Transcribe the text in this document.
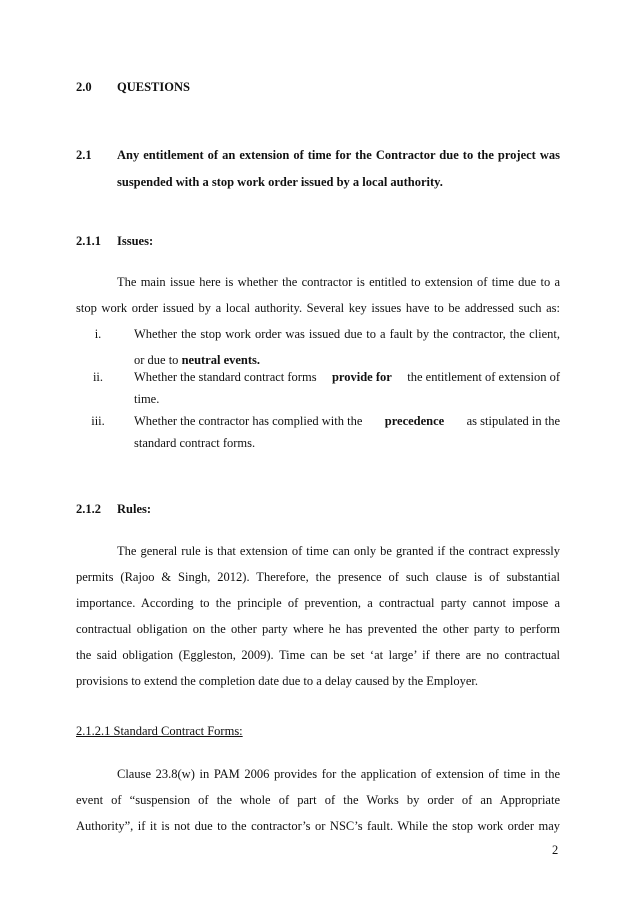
2.0 QUESTIONS
2.1 Any entitlement of an extension of time for the Contractor due to the project was
suspended with a stop work order issued by a local authority.
2.1.1 Issues:
The main issue here is whether the contractor is entitled to extension of time due to a
stop work order issued by a local authority. Several key issues have to be addressed such as:
i.	Whether the stop work order was issued due to a fault by the contractor, the client,
or due to neutral events.
ii.	Whether the standard contract forms provide for the entitlement of extension of
time.
iii.	Whether the contractor has complied with the precedence as stipulated in the
standard contract forms.
2.1.2 Rules:
The general rule is that extension of time can only be granted if the contract expressly
permits (Rajoo & Singh, 2012). Therefore, the presence of such clause is of substantial
importance. According to the principle of prevention, a contractual party cannot impose a
contractual obligation on the other party where he has prevented the other party to perform
the said obligation (Eggleston, 2009). Time can be set ‘at large’ if there are no contractual
provisions to extend the completion date due to a delay caused by the Employer.
2.1.2.1 Standard Contract Forms:
Clause 23.8(w) in PAM 2006 provides for the application of extension of time in the
event of “suspension of the whole of part of the Works by order of an Appropriate
Authority”, if it is not due to the contractor’s or NSC’s fault. While the stop work order may
2
